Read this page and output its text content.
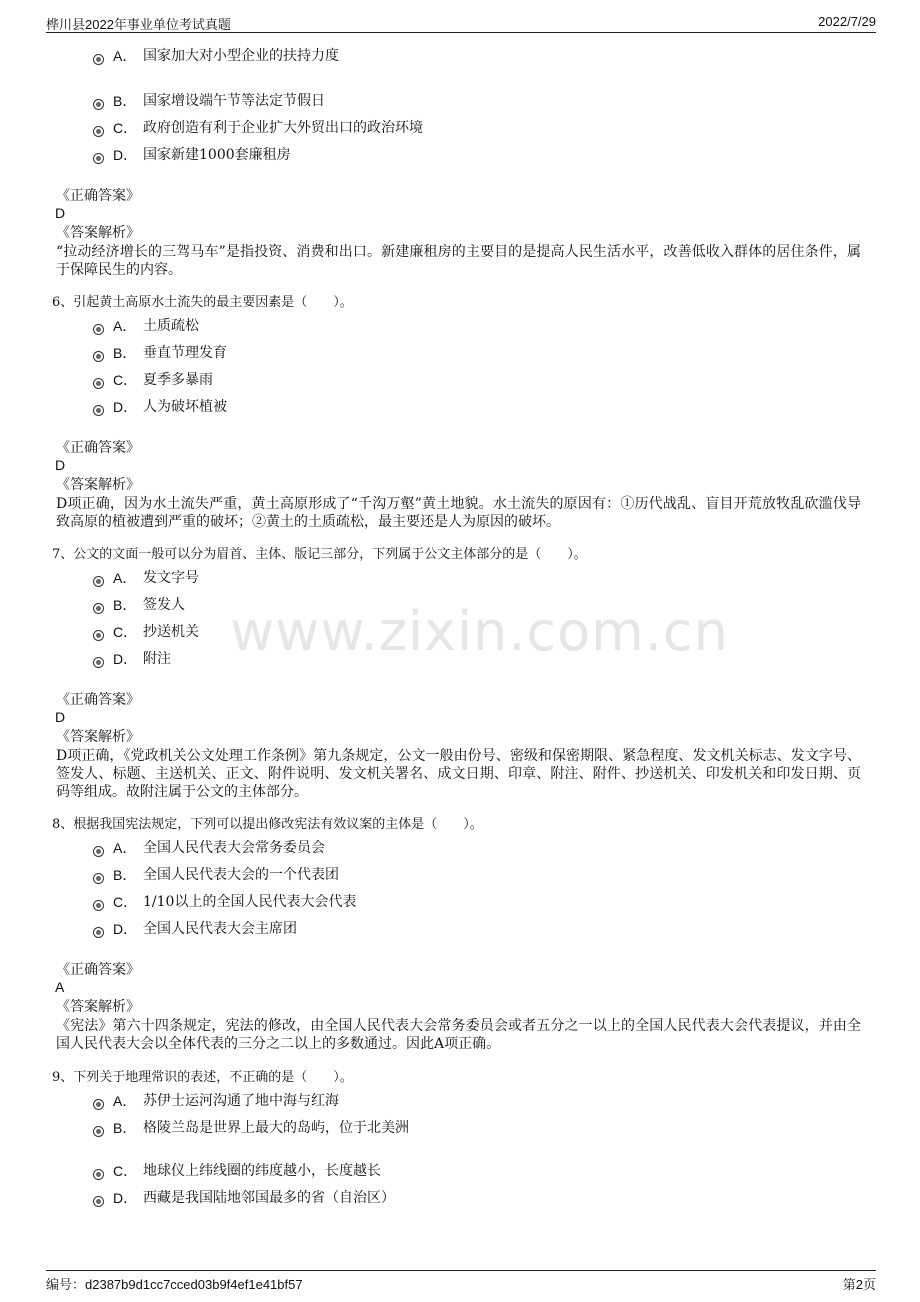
桦川县2022年事业单位考试真题	2022/7/29
www.zixin.com.cn
A． 国家加大对小型企业的扶持力度
B． 国家增设端午节等法定节假日
C． 政府创造有利于企业扩大外贸出口的政治环境
D． 国家新建1000套廉租房
《正确答案》
D
《答案解析》
“拉动经济增长的三驾马车”是指投资、消费和出口。新建廉租房的主要目的是提高人民生活水平，改善低收入群体的居住条件，属于保障民生的内容。
6、引起黄土高原水土流失的最主要因素是（　　）。
A． 土质疏松
B． 垂直节理发育
C． 夏季多暴雨
D． 人为破坏植被
《正确答案》
D
《答案解析》
D项正确，因为水土流失严重，黄土高原形成了“千沟万壑”黄土地貌。水土流失的原因有：①历代战乱、盲目开荒放牧乱砍滥伐导致高原的植被遭到严重的破坏；②黄土的土质疏松，最主要还是人为原因的破坏。
7、公文的文面一般可以分为眉首、主体、版记三部分，下列属于公文主体部分的是（　　）。
A． 发文字号
B． 签发人
C． 抄送机关
D． 附注
《正确答案》
D
《答案解析》
D项正确，《党政机关公文处理工作条例》第九条规定，公文一般由份号、密级和保密期限、紧急程度、发文机关标志、发文字号、签发人、标题、主送机关、正文、附件说明、发文机关署名、成文日期、印章、附注、附件、抄送机关、印发机关和印发日期、页码等组成。故附注属于公文的主体部分。
8、根据我国宪法规定，下列可以提出修改宪法有效议案的主体是（　　）。
A． 全国人民代表大会常务委员会
B． 全国人民代表大会的一个代表团
C． 1/10以上的全国人民代表大会代表
D． 全国人民代表大会主席团
《正确答案》
A
《答案解析》
《宪法》第六十四条规定，宪法的修改，由全国人民代表大会常务委员会或者五分之一以上的全国人民代表大会代表提议，并由全国人民代表大会以全体代表的三分之二以上的多数通过。因此A项正确。
9、下列关于地理常识的表述，不正确的是（　　）。
A． 苏伊士运河沟通了地中海与红海
B． 格陵兰岛是世界上最大的岛屿，位于北美洲
C． 地球仪上纬线圈的纬度越小，长度越长
D． 西藏是我国陆地邻国最多的省（自治区）
编号：d2387b9d1cc7cced03b9f4ef1e41bf57	第2页
